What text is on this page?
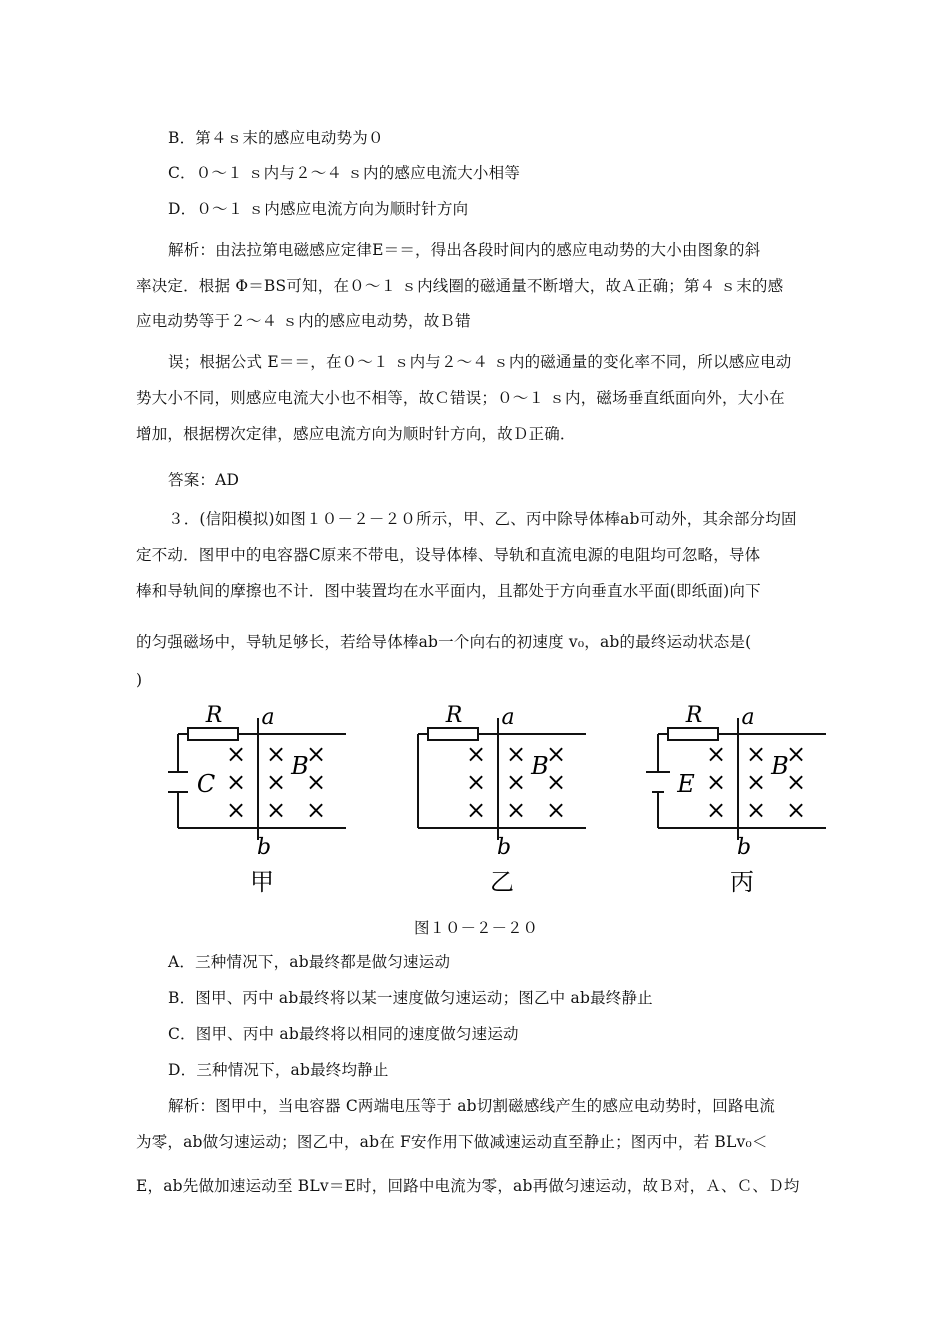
B．第４ｓ末的感应电动势为０
C．０～１ ｓ内与２～４ ｓ内的感应电流大小相等
D．０～１ ｓ内感应电流方向为顺时针方向
解析：由法拉第电磁感应定律E＝＝，得出各段时间内的感应电动势的大小由图象的斜
率决定．根据 Φ＝BS可知，在０～１ ｓ内线圈的磁通量不断增大，故Ａ正确；第４ ｓ末的感
应电动势等于２～４ ｓ内的感应电动势，故Ｂ错
误；根据公式 E＝＝，在０～１ ｓ内与２～４ ｓ内的磁通量的变化率不同，所以感应电动
势大小不同，则感应电流大小也不相等，故Ｃ错误；０～１ ｓ内，磁场垂直纸面向外，大小在
增加，根据楞次定律，感应电流方向为顺时针方向，故Ｄ正确．
答案：AD
３．(信阳模拟)如图１０－２－２０所示，甲、乙、丙中除导体棒ab可动外，其余部分均固
定不动．图甲中的电容器C原来不带电，设导体棒、导轨和直流电源的电阻均可忽略，导体
棒和导轨间的摩擦也不计．图中装置均在水平面内，且都处于方向垂直水平面(即纸面)向下
的匀强磁场中，导轨足够长，若给导体棒ab一个向右的初速度 v₀，ab的最终运动状态是(
)
A．三种情况下，ab最终都是做匀速运动
B．图甲、丙中 ab最终将以某一速度做匀速运动；图乙中 ab最终静止
C．图甲、丙中 ab最终将以相同的速度做匀速运动
D．三种情况下，ab最终均静止
解析：图甲中，当电容器 C两端电压等于 ab切割磁感线产生的感应电动势时，回路电流
为零，ab做匀速运动；图乙中，ab在 F安作用下做减速运动直至静止；图丙中，若 BLv₀＜
E，ab先做加速运动至 BLv＝E时，回路中电流为零，ab再做匀速运动，故Ｂ对，Ａ、Ｃ、Ｄ均
C
R a
b
×
×
×
×
×
×
×
×
×
B
甲
R a
b
×
×
×
×
×
×
×
×
×
B
乙
E
R a
b
×
×
×
×
×
×
×
×
×
B
丙
图１０－２－２０
